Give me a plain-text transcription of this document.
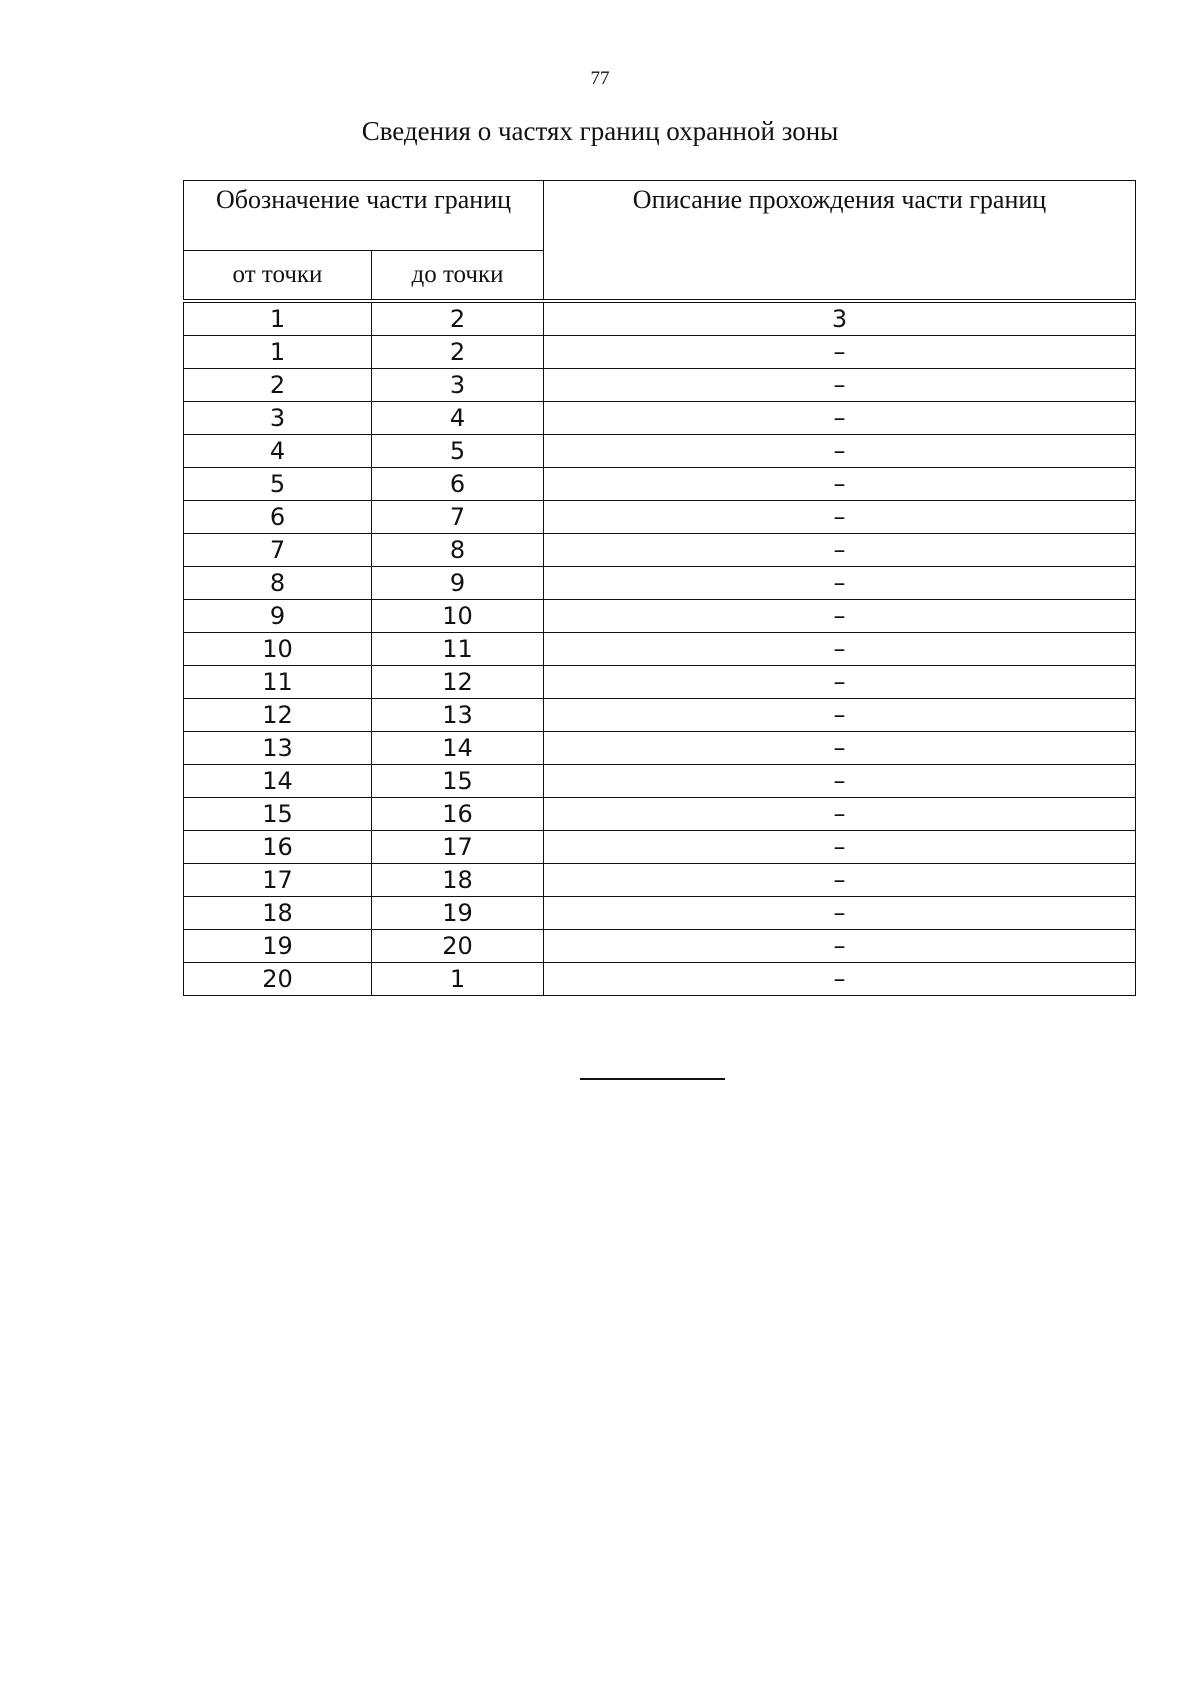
77
Сведения о частях границ охранной зоны
Обозначение части границ		Описание прохождения части границ
от точки	до точки	

1	2	3
1	2	–
2	3	–
3	4	–
4	5	–
5	6	–
6	7	–
7	8	–
8	9	–
9	10	–
10	11	–
11	12	–
12	13	–
13	14	–
14	15	–
15	16	–
16	17	–
17	18	–
18	19	–
19	20	–
20	1	–
